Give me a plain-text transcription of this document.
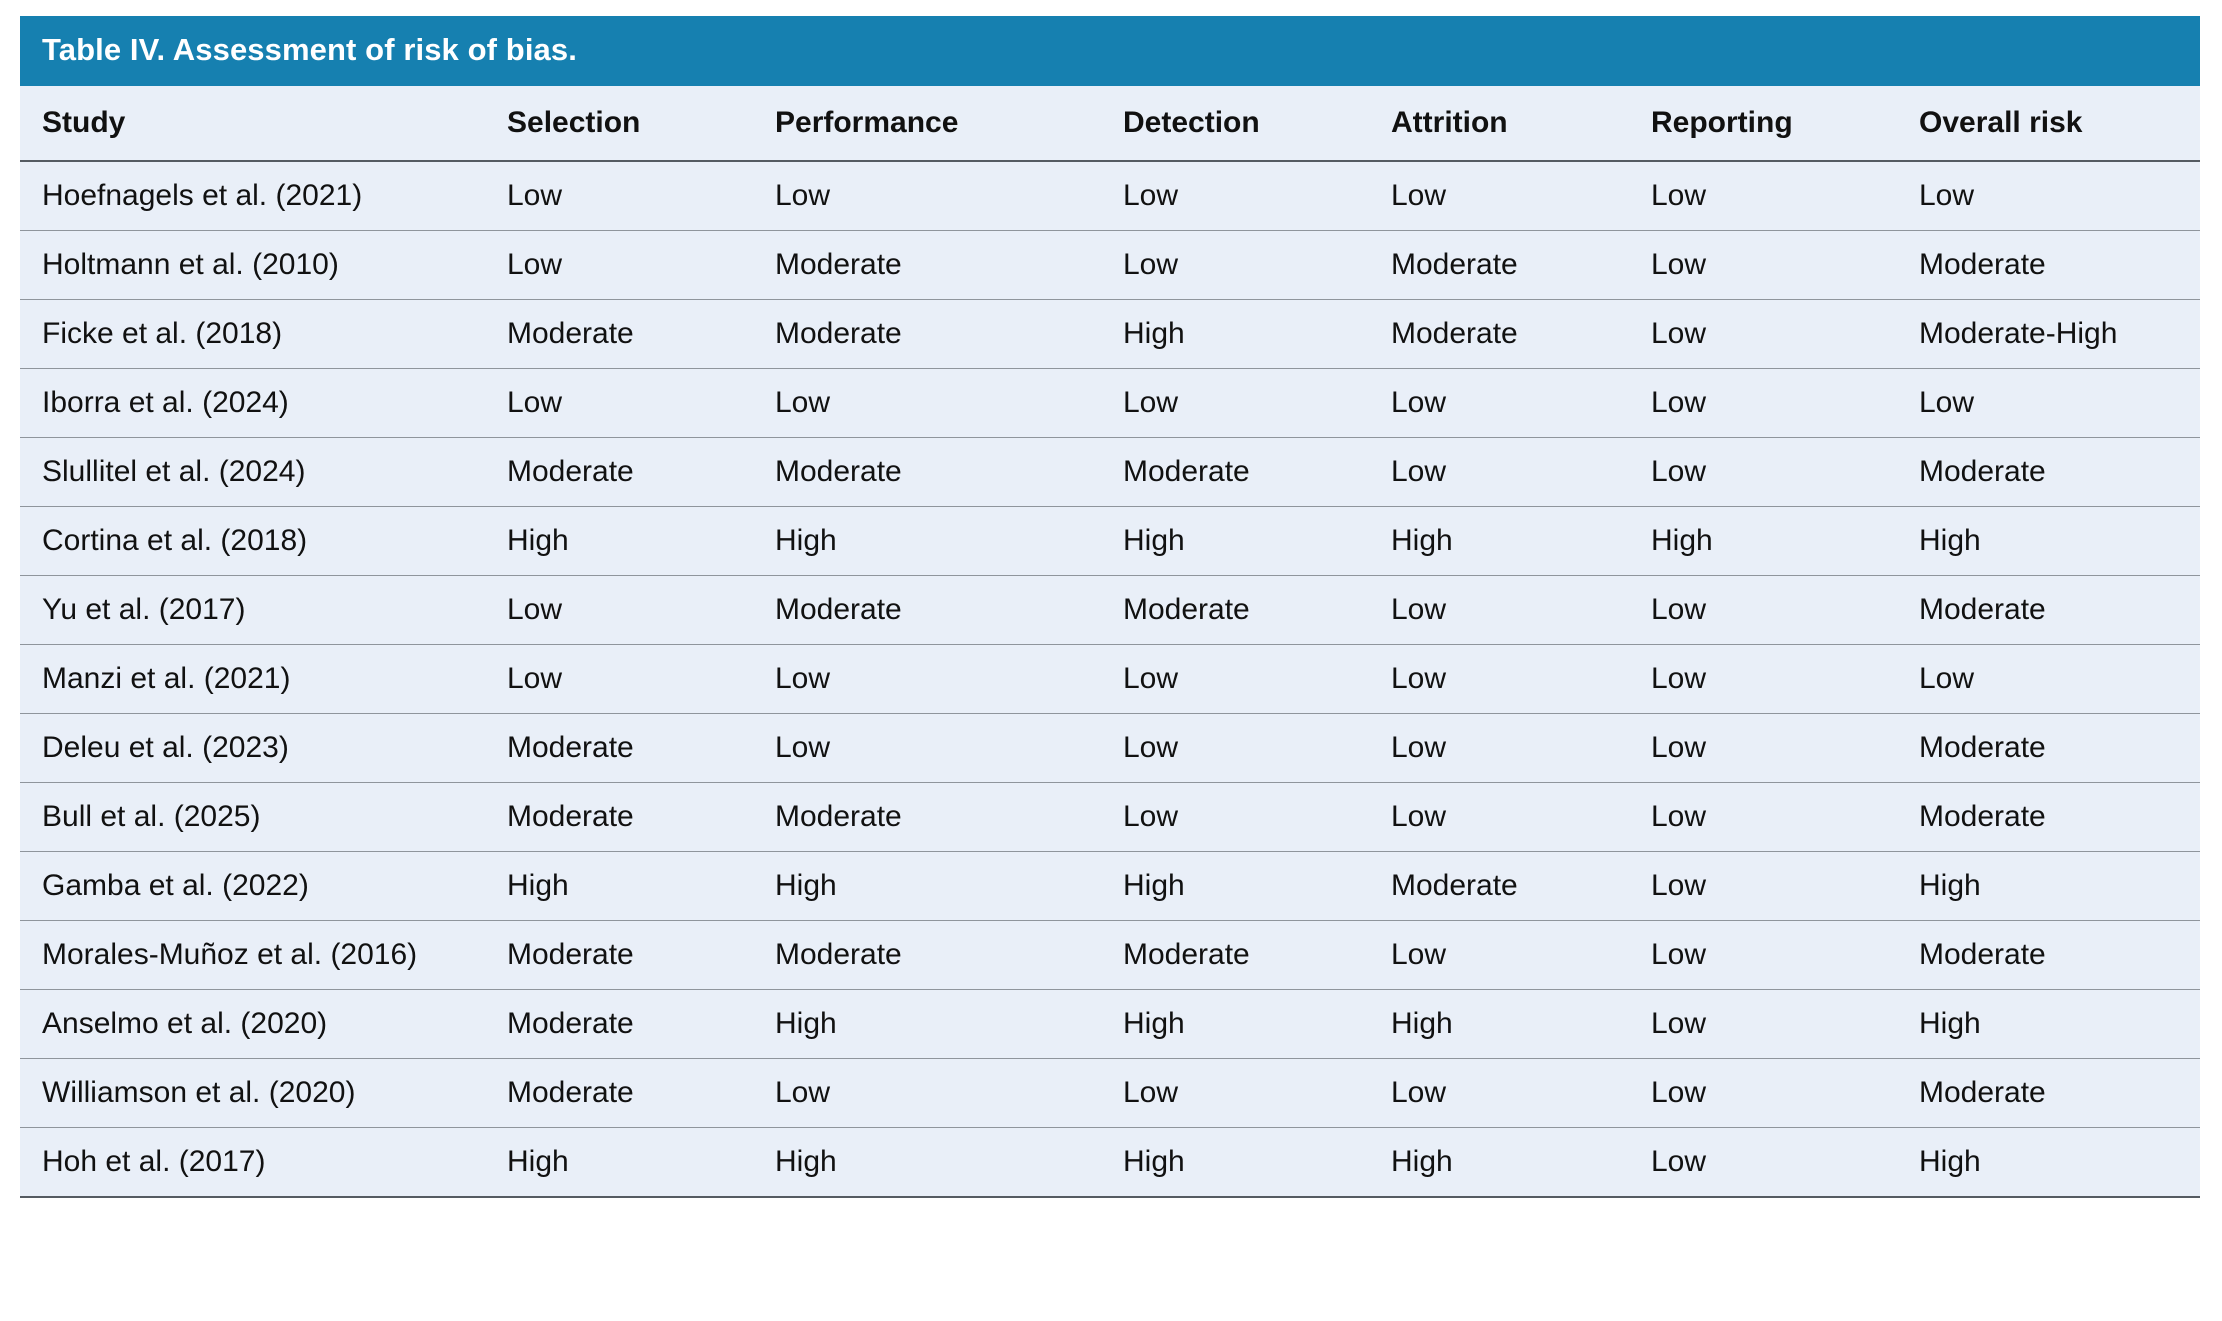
Table IV. Assessment of risk of bias.
Study	Selection	Performance	Detection	Attrition	Reporting	Overall risk
Hoefnagels et al. (2021)	Low	Low	Low	Low	Low	Low
Holtmann et al. (2010)	Low	Moderate	Low	Moderate	Low	Moderate
Ficke et al. (2018)	Moderate	Moderate	High	Moderate	Low	Moderate-High
Iborra et al. (2024)	Low	Low	Low	Low	Low	Low
Slullitel et al. (2024)	Moderate	Moderate	Moderate	Low	Low	Moderate
Cortina et al. (2018)	High	High	High	High	High	High
Yu et al. (2017)	Low	Moderate	Moderate	Low	Low	Moderate
Manzi et al. (2021)	Low	Low	Low	Low	Low	Low
Deleu et al. (2023)	Moderate	Low	Low	Low	Low	Moderate
Bull et al. (2025)	Moderate	Moderate	Low	Low	Low	Moderate
Gamba et al. (2022)	High	High	High	Moderate	Low	High
Morales-Muñoz et al. (2016)	Moderate	Moderate	Moderate	Low	Low	Moderate
Anselmo et al. (2020)	Moderate	High	High	High	Low	High
Williamson et al. (2020)	Moderate	Low	Low	Low	Low	Moderate
Hoh et al. (2017)	High	High	High	High	Low	High
